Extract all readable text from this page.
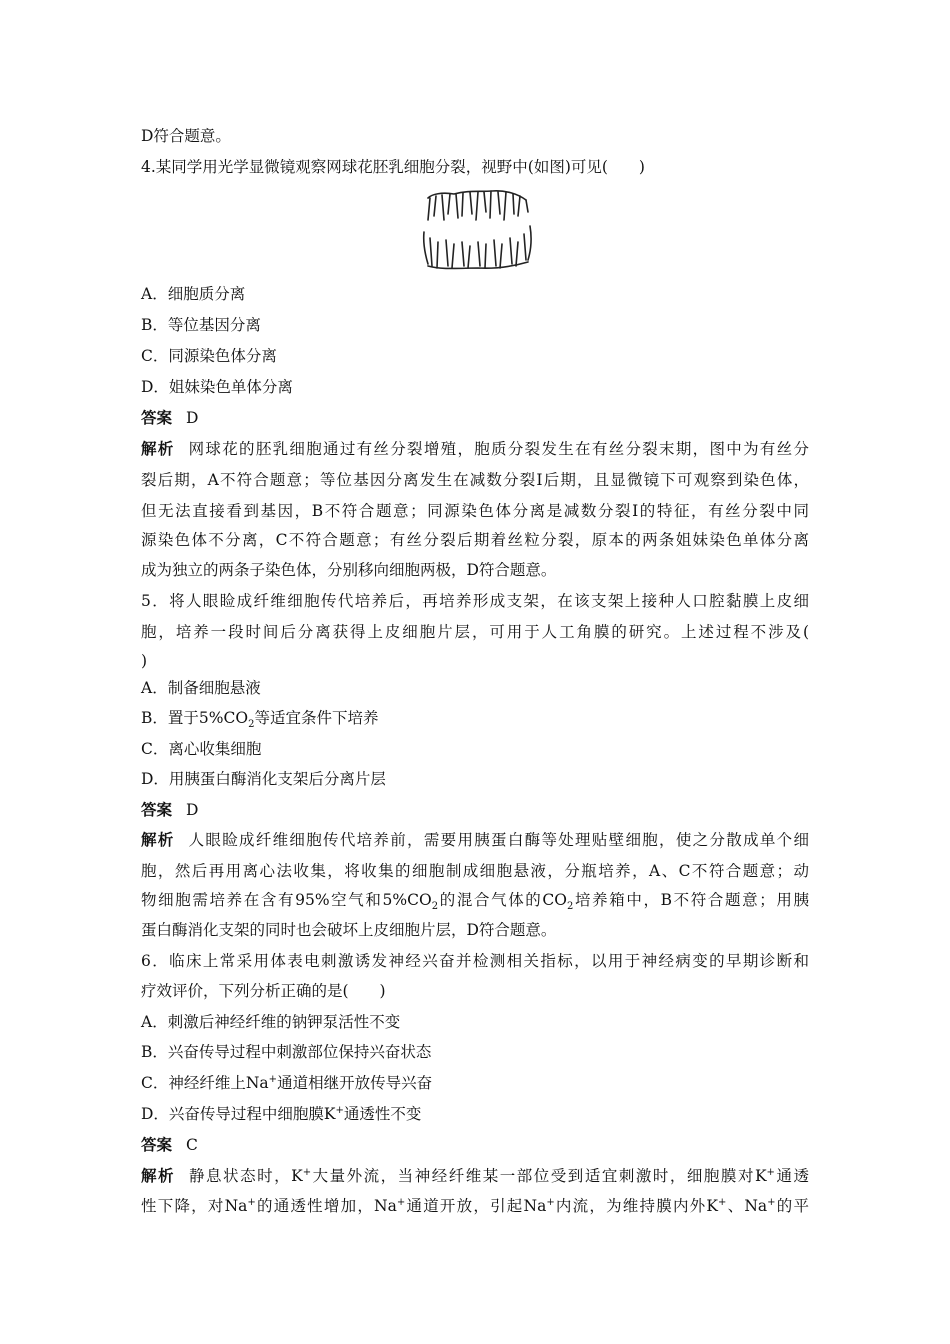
D符合题意。
4.某同学用光学显微镜观察网球花胚乳细胞分裂，视野中(如图)可见(　　)
A．细胞质分离
B．等位基因分离
C．同源染色体分离
D．姐妹染色单体分离
答案 D
解析 网球花的胚乳细胞通过有丝分裂增殖，胞质分裂发生在有丝分裂末期，图中为有丝分
裂后期，A不符合题意；等位基因分离发生在减数分裂Ⅰ后期，且显微镜下可观察到染色体，
但无法直接看到基因，B不符合题意；同源染色体分离是减数分裂Ⅰ的特征，有丝分裂中同
源染色体不分离，C不符合题意；有丝分裂后期着丝粒分裂，原本的两条姐妹染色单体分离
成为独立的两条子染色体，分别移向细胞两极，D符合题意。
5．将人眼睑成纤维细胞传代培养后，再培养形成支架，在该支架上接种人口腔黏膜上皮细
胞，培养一段时间后分离获得上皮细胞片层，可用于人工角膜的研究。上述过程不涉及(
)
A．制备细胞悬液
B．置于$5\%CO_2$等适宜条件下培养
C．离心收集细胞
D．用胰蛋白酶消化支架后分离片层
答案 D
解析 人眼睑成纤维细胞传代培养前，需要用胰蛋白酶等处理贴壁细胞，使之分散成单个细
胞，然后再用离心法收集，将收集的细胞制成细胞悬液，分瓶培养，A、C不符合题意；动
物细胞需培养在含有95%空气和$5\%CO_2$的混合气体的$CO_2$培养箱中，B不符合题意；用胰
蛋白酶消化支架的同时也会破坏上皮细胞片层，D符合题意。
6．临床上常采用体表电刺激诱发神经兴奋并检测相关指标，以用于神经病变的早期诊断和
疗效评价，下列分析正确的是(　　)
A．刺激后神经纤维的钠钾泵活性不变
B．兴奋传导过程中刺激部位保持兴奋状态
C．神经纤维上Na+通道相继开放传导兴奋
D．兴奋传导过程中细胞膜K+通透性不变
答案 C
解析 静息状态时，K+大量外流，当神经纤维某一部位受到适宜刺激时，细胞膜对K+通透
性下降，对Na+的通透性增加，Na+通道开放，引起Na+内流，为维持膜内外K+、Na+的平
